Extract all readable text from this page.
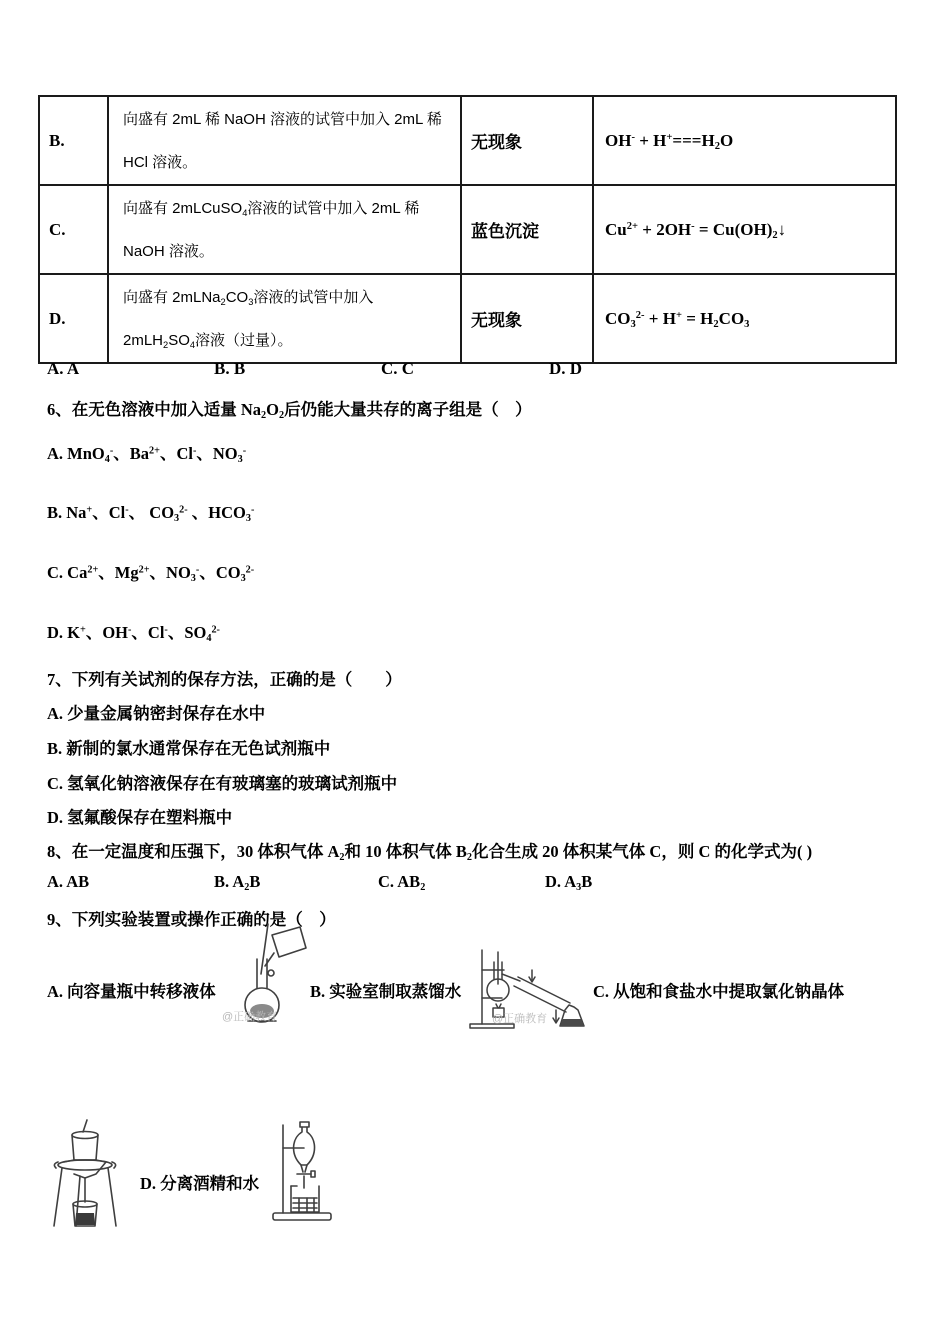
B.	向盛有 2mL 稀 NaOH 溶液的试管中加入 2mL 稀
HCl 溶液。	无现象	$OH^- + H^+===H_2O$
C.	向盛有 2mLCuSO$_4$溶液的试管中加入 2mL 稀
NaOH 溶液。	蓝色沉淀	$Cu^{2+} + 2OH^-$ = $Cu(OH)_2↓$
D.	向盛有 $2mLNa_2CO_3$溶液的试管中加入
$2mLH_2SO_4$溶液（过量）。	无现象	$CO_3^{2-} + H^+ = H_2CO_3$
A. A	B. B	C. C	D. D
6、在无色溶液中加入适量 $Na_2O_2$后仍能大量共存的离子组是（　）
A. MnO$_4$-、$Ba^{2+}$、Cl-、$NO_3^-$
B. Na+、Cl-、 $CO_3^{2-}$ 、$HCO_3^-$
C. $Ca^{2+}$、$Mg^{2+}$、$NO_3^-$、$CO_3^{2-}$
D. K+、OH-、Cl-、$SO_4^{2-}$
7、下列有关试剂的保存方法，正确的是（　　）
A. 少量金属钠密封保存在水中
B. 新制的氯水通常保存在无色试剂瓶中
C. 氢氧化钠溶液保存在有玻璃塞的玻璃试剂瓶中
D. 氢氟酸保存在塑料瓶中
8、在一定温度和压强下，30 体积气体 $A_2$和 10 体积气体 $B_2$化合生成 20 体积某气体 C，则 C 的化学式为( )
A. AB	B. $A_2B$	C. $AB_2$	D. $A_3B$
9、下列实验装置或操作正确的是（　）
A. 向容量瓶中转移液体	B. 实验室制取蒸馏水	C. 从饱和食盐水中提取氯化钠晶体
D. 分离酒精和水
@正确教育	@正确教育
